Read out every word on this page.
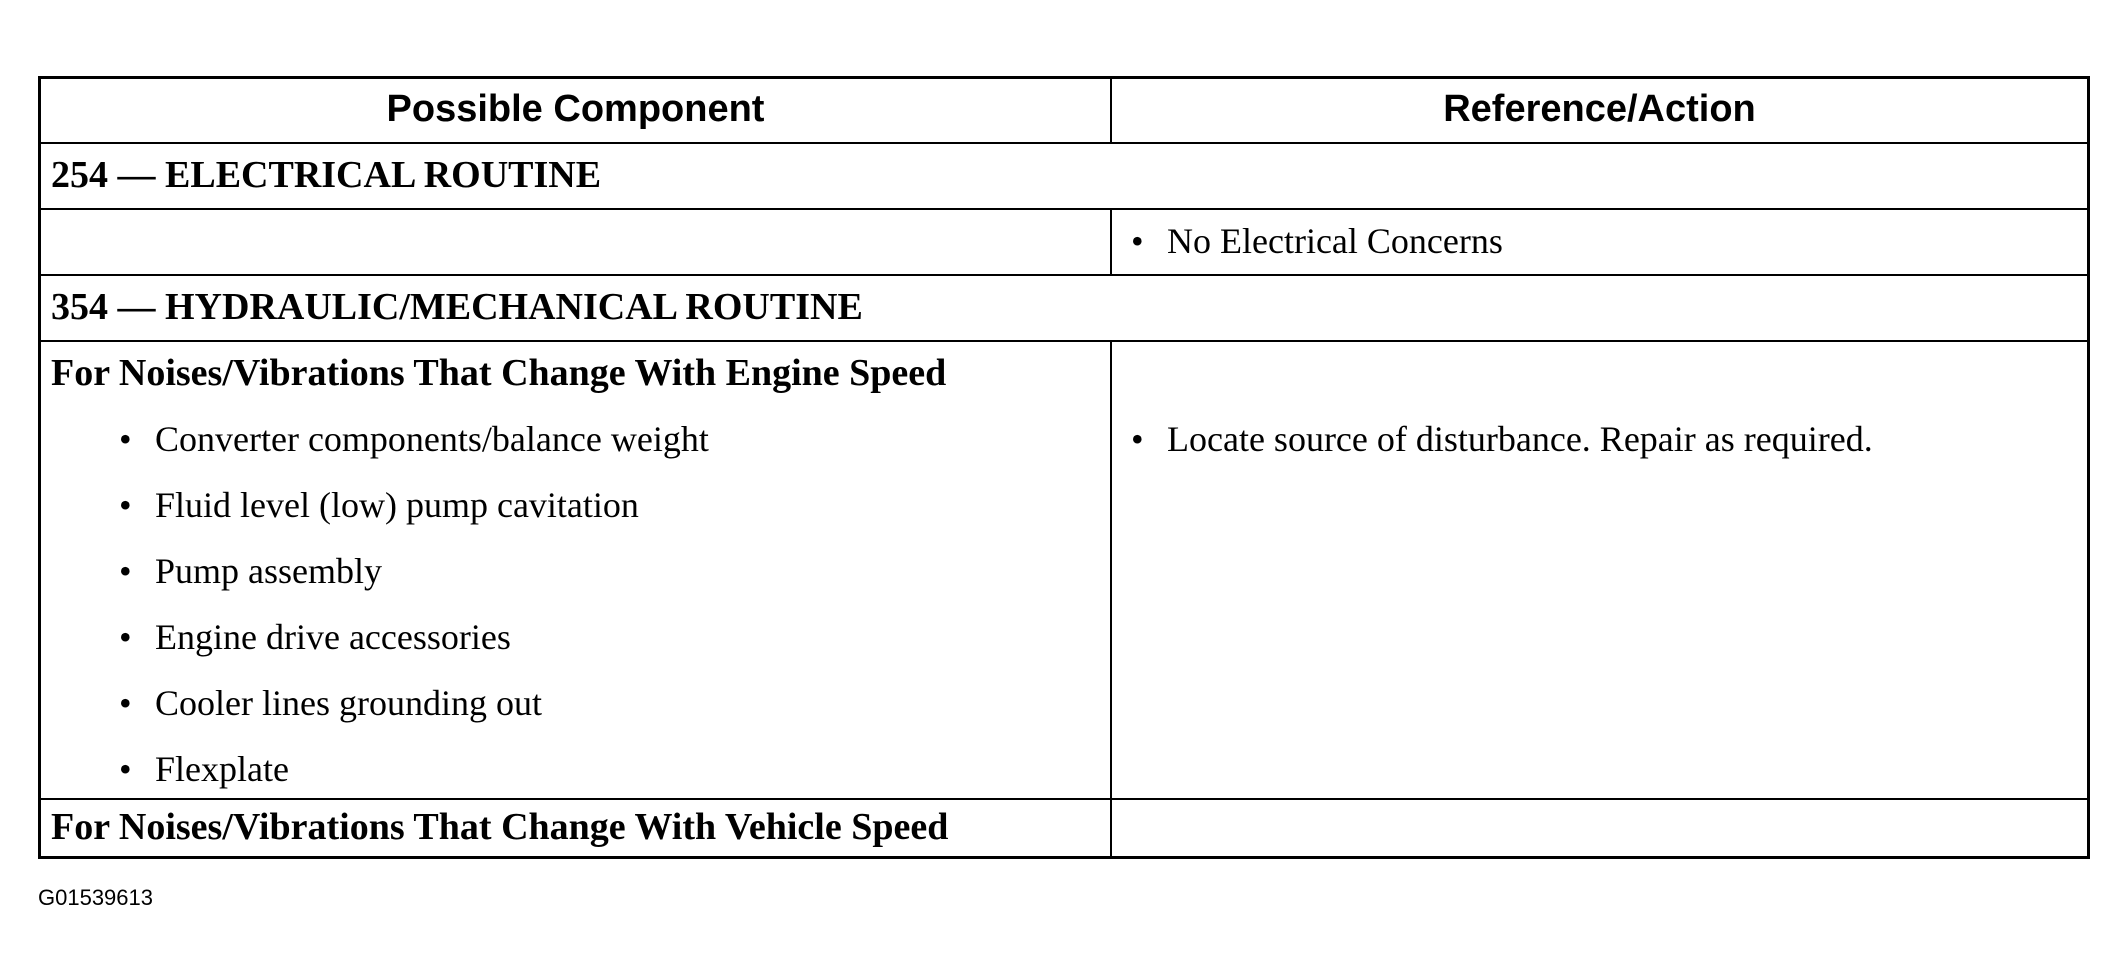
Possible Component	Reference/Action
254 — ELECTRICAL ROUTINE
• No Electrical Concerns
354 — HYDRAULIC/MECHANICAL ROUTINE
For Noises/Vibrations That Change With Engine Speed
• Converter components/balance weight
• Fluid level (low) pump cavitation
• Pump assembly
• Engine drive accessories
• Cooler lines grounding out
• Flexplate
• Locate source of disturbance. Repair as required.
For Noises/Vibrations That Change With Vehicle Speed
G01539613
